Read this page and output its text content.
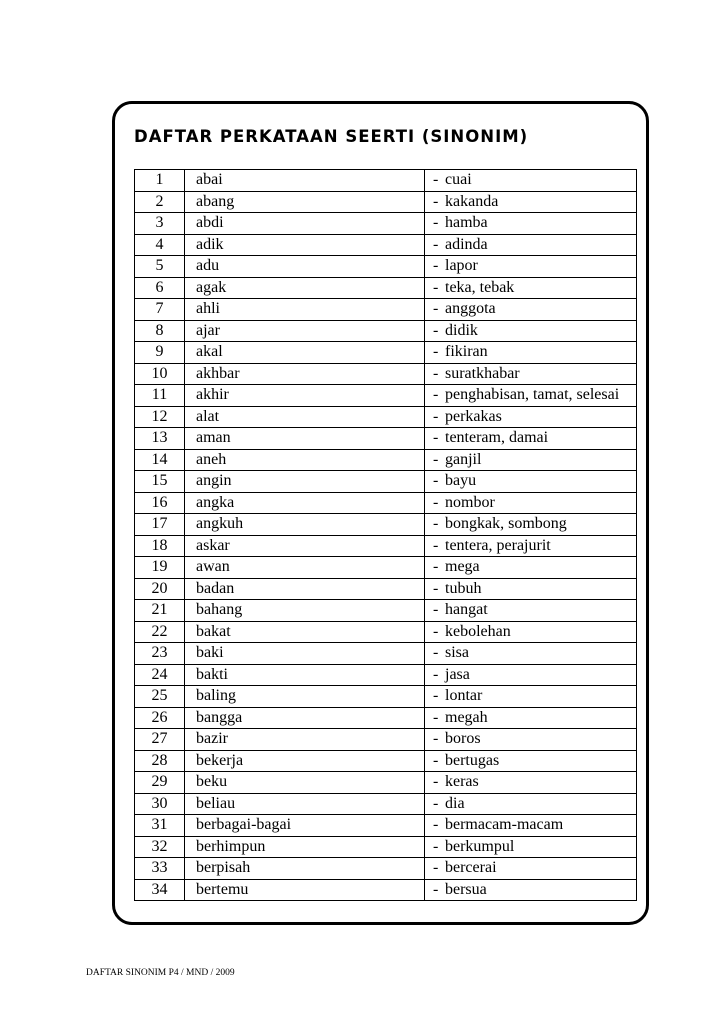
DAFTAR PERKATAAN SEERTI (SINONIM)
1	abai	- cuai
2	abang	- kakanda
3	abdi	- hamba
4	adik	- adinda
5	adu	- lapor
6	agak	- teka, tebak
7	ahli	- anggota
8	ajar	- didik
9	akal	- fikiran
10	akhbar	- suratkhabar
11	akhir	- penghabisan, tamat, selesai
12	alat	- perkakas
13	aman	- tenteram, damai
14	aneh	- ganjil
15	angin	- bayu
16	angka	- nombor
17	angkuh	- bongkak, sombong
18	askar	- tentera, perajurit
19	awan	- mega
20	badan	- tubuh
21	bahang	- hangat
22	bakat	- kebolehan
23	baki	- sisa
24	bakti	- jasa
25	baling	- lontar
26	bangga	- megah
27	bazir	- boros
28	bekerja	- bertugas
29	beku	- keras
30	beliau	- dia
31	berbagai-bagai	- bermacam-macam
32	berhimpun	- berkumpul
33	berpisah	- bercerai
34	bertemu	- bersua
DAFTAR SINONIM P4 / MND / 2009
